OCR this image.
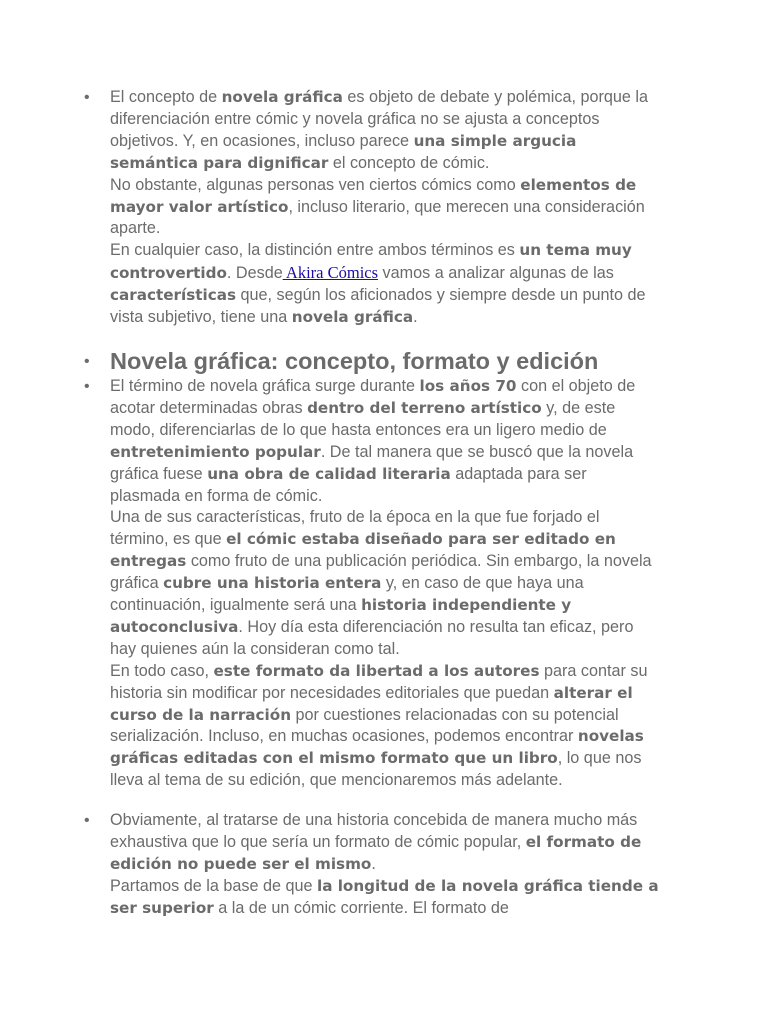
• El concepto de novela gráfica es objeto de debate y polémica, porque la diferenciación entre cómic y novela gráfica no se ajusta a conceptos objetivos. Y, en ocasiones, incluso parece una simple argucia semántica para dignificar el concepto de cómic.

No obstante, algunas personas ven ciertos cómics como elementos de mayor valor artístico, incluso literario, que merecen una consideración aparte.

En cualquier caso, la distinción entre ambos términos es un tema muy controvertido. Desde Akira Cómics vamos a analizar algunas de las características que, según los aficionados y siempre desde un punto de vista subjetivo, tiene una novela gráfica.

• Novela gráfica: concepto, formato y edición
• El término de novela gráfica surge durante los años 70 con el objeto de acotar determinadas obras dentro del terreno artístico y, de este modo, diferenciarlas de lo que hasta entonces era un ligero medio de entretenimiento popular. De tal manera que se buscó que la novela gráfica fuese una obra de calidad literaria adaptada para ser plasmada en forma de cómic.

Una de sus características, fruto de la época en la que fue forjado el término, es que el cómic estaba diseñado para ser editado en entregas como fruto de una publicación periódica. Sin embargo, la novela gráfica cubre una historia entera y, en caso de que haya una continuación, igualmente será una historia independiente y autoconclusiva. Hoy día esta diferenciación no resulta tan eficaz, pero hay quienes aún la consideran como tal.

En todo caso, este formato da libertad a los autores para contar su historia sin modificar por necesidades editoriales que puedan alterar el curso de la narración por cuestiones relacionadas con su potencial serialización. Incluso, en muchas ocasiones, podemos encontrar novelas gráficas editadas con el mismo formato que un libro, lo que nos lleva al tema de su edición, que mencionaremos más adelante.

• Obviamente, al tratarse de una historia concebida de manera mucho más exhaustiva que lo que sería un formato de cómic popular, el formato de edición no puede ser el mismo.

Partamos de la base de que la longitud de la novela gráfica tiende a ser superior a la de un cómic corriente. El formato de
